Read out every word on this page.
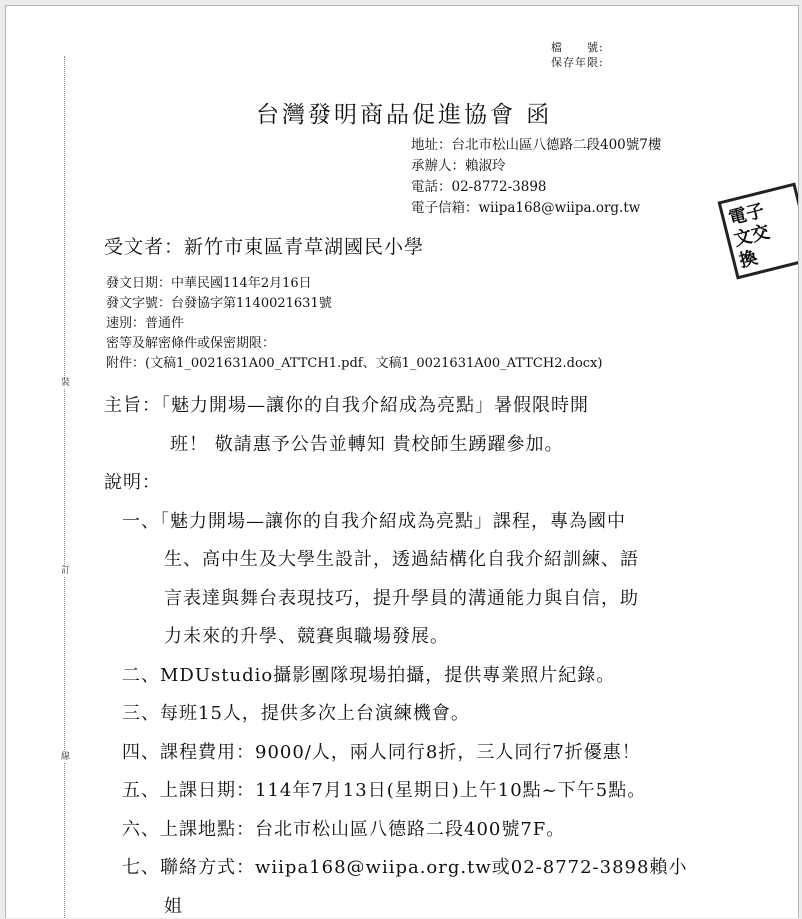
裝
訂
線
檔　　號:
保存年限:
台灣發明商品促進協會 函
地址：台北市松山區八德路二段400號7樓
承辦人：賴淑玲
電話：02-8772-3898
電子信箱：wiipa168@wiipa.org.tw	電子
文交
換
受文者：新竹市東區青草湖國民小學
發文日期：中華民國114年2月16日
發文字號：台發協字第1140021631號
速別：普通件
密等及解密條件或保密期限：
附件：(文稿1_0021631A00_ATTCH1.pdf、文稿1_0021631A00_ATTCH2.docx)
主旨：「魅力開場—讓你的自我介紹成為亮點」暑假限時開
班！ 敬請惠予公告並轉知 貴校師生踴躍參加。
說明：
一、「魅力開場—讓你的自我介紹成為亮點」課程，專為國中
生、高中生及大學生設計，透過結構化自我介紹訓練、語
言表達與舞台表現技巧，提升學員的溝通能力與自信，助
力未來的升學、競賽與職場發展。
二、MDUstudio攝影團隊現場拍攝，提供專業照片紀錄。
三、每班15人，提供多次上台演練機會。
四、課程費用：9000/人，兩人同行8折，三人同行7折優惠！
五、上課日期：114年7月13日(星期日)上午10點~下午5點。
六、上課地點：台北市松山區八德路二段400號7F。
七、聯絡方式：wiipa168@wiipa.org.tw或02-8772-3898賴小
姐
